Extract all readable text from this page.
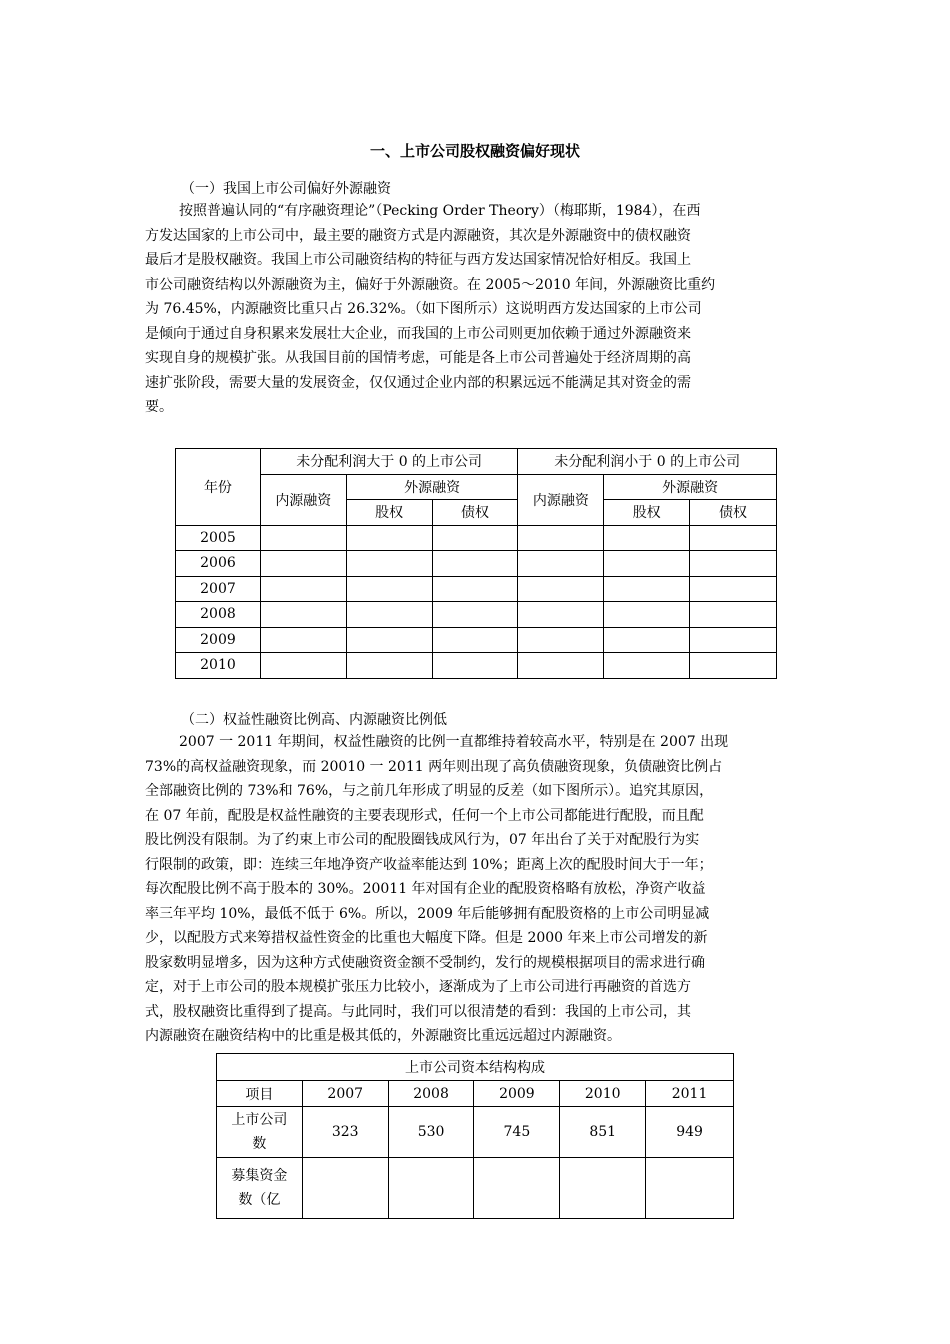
一、上市公司股权融资偏好现状
（一）我国上市公司偏好外源融资
按照普遍认同的“有序融资理论”（Pecking Order Theory）（梅耶斯，1984），在西
方发达国家的上市公司中，最主要的融资方式是内源融资，其次是外源融资中的债权融资
最后才是股权融资。我国上市公司融资结构的特征与西方发达国家情况恰好相反。我国上
市公司融资结构以外源融资为主，偏好于外源融资。在 2005～2010 年间，外源融资比重约
为 76.45%，内源融资比重只占 26.32%。（如下图所示）这说明西方发达国家的上市公司
是倾向于通过自身积累来发展壮大企业，而我国的上市公司则更加依赖于通过外源融资来
实现自身的规模扩张。从我国目前的国情考虑，可能是各上市公司普遍处于经济周期的高
速扩张阶段，需要大量的发展资金，仅仅通过企业内部的积累远远不能满足其对资金的需
要。
年份	未分配利润大于 0 的上市公司			未分配利润小于 0 的上市公司		
	内源融资	外源融资		内源融资	外源融资	
		股权	债权		股权	债权
2005						
2006						
2007						
2008						
2009						
2010						
（二）权益性融资比例高、内源融资比例低
2007 一 2011 年期间，权益性融资的比例一直都维持着较高水平，特别是在 2007 出现
73%的高权益融资现象，而 20010 一 2011 两年则出现了高负债融资现象，负债融资比例占
全部融资比例的 73%和 76%，与之前几年形成了明显的反差（如下图所示）。追究其原因，
在 07 年前，配股是权益性融资的主要表现形式，任何一个上市公司都能进行配股，而且配
股比例没有限制。为了约束上市公司的配股圈钱成风行为，07 年出台了关于对配股行为实
行限制的政策，即：连续三年地净资产收益率能达到 10%；距离上次的配股时间大于一年；
每次配股比例不高于股本的 30%。20011 年对国有企业的配股资格略有放松，净资产收益
率三年平均 10%，最低不低于 6%。所以，2009 年后能够拥有配股资格的上市公司明显减
少，以配股方式来筹措权益性资金的比重也大幅度下降。但是 2000 年来上市公司增发的新
股家数明显增多，因为这种方式使融资资金额不受制约，发行的规模根据项目的需求进行确
定，对于上市公司的股本规模扩张压力比较小，逐渐成为了上市公司进行再融资的首选方
式，股权融资比重得到了提高。与此同时，我们可以很清楚的看到：我国的上市公司，其
内源融资在融资结构中的比重是极其低的，外源融资比重远远超过内源融资。
上市公司资本结构构成					
项目	2007	2008	2009	2010	2011

上市公司
数	323	530	745	851	949

募集资金
数（亿					
